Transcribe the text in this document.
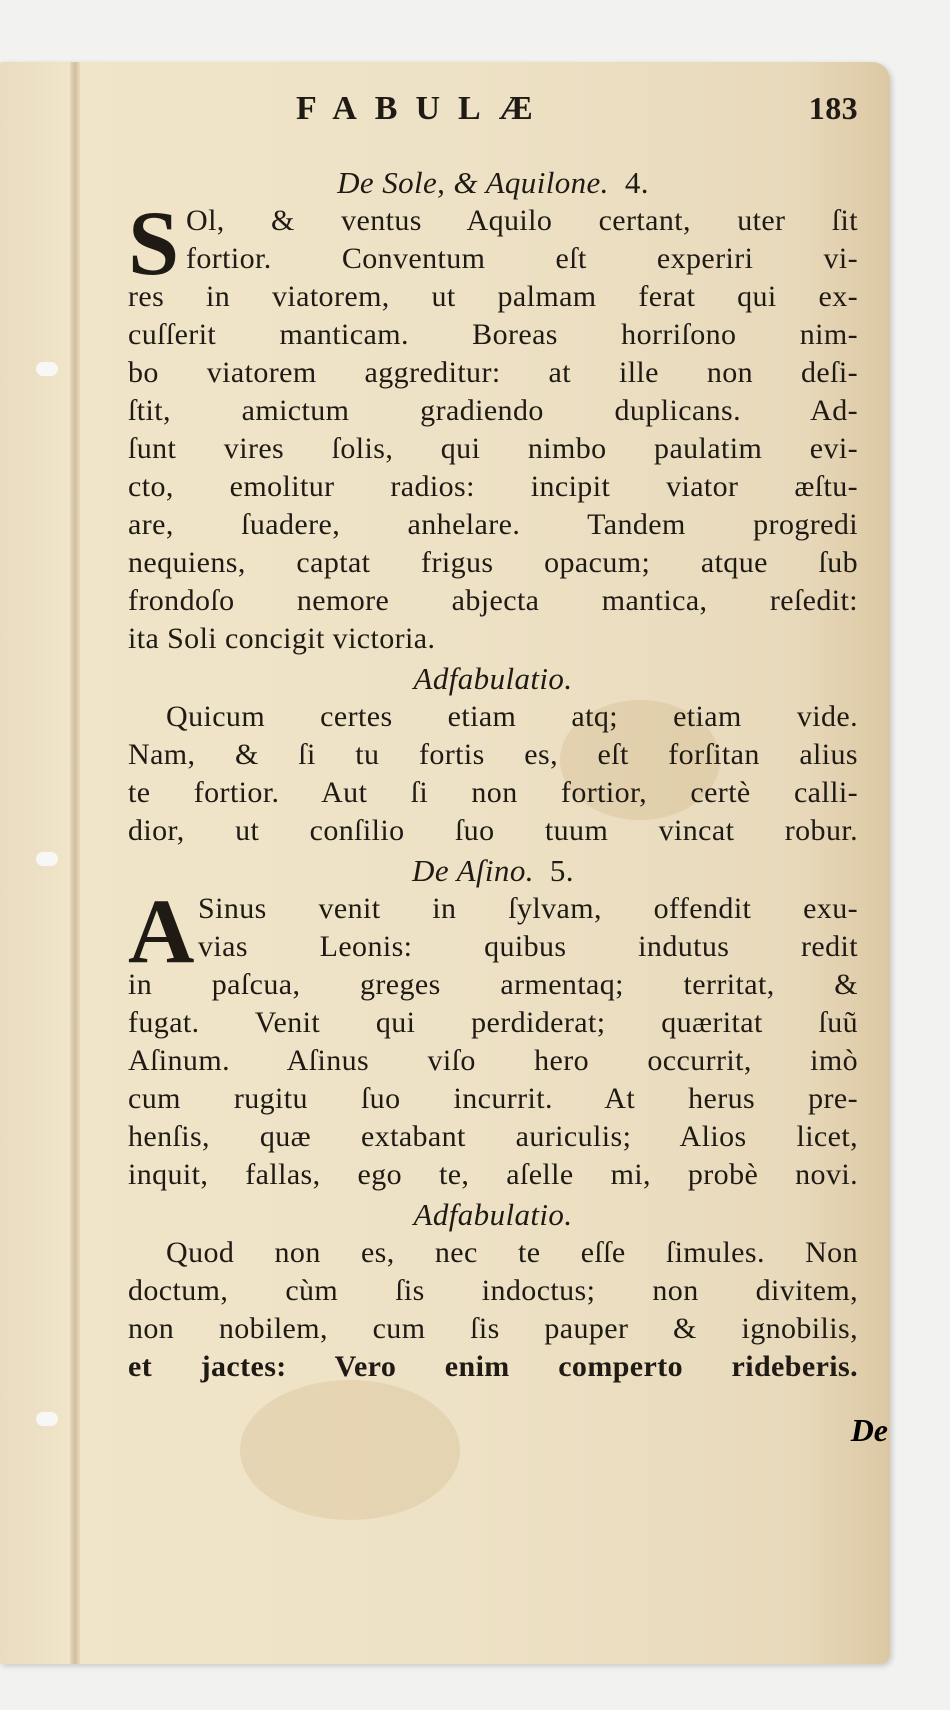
FABULÆ	183
De Sole, & Aquilone. 4.
S Ol, & ventus Aquilo certant, uter ſit
fortior. Conventum eſt experiri vi-
res in viatorem, ut palmam ferat qui ex-
cuſſerit manticam. Boreas horriſono nim-
bo viatorem aggreditur: at ille non deſi-
ſtit, amictum gradiendo duplicans. Ad-
ſunt vires ſolis, qui nimbo paulatim evi-
cto, emolitur radios: incipit viator æſtu-
are, ſuadere, anhelare. Tandem progredi
nequiens, captat frigus opacum; atque ſub
frondoſo nemore abjecta mantica, reſedit:
ita Soli concigit victoria.
Adfabulatio.
Quicum certes etiam atq; etiam vide.
Nam, & ſi tu fortis es, eſt forſitan alius
te fortior. Aut ſi non fortior, certè calli-
dior, ut conſilio ſuo tuum vincat robur.
De Aſino. 5.
A Sinus venit in ſylvam, offendit exu-
vias Leonis: quibus indutus redit
in paſcua, greges armentaq; territat, &
fugat. Venit qui perdiderat; quæritat ſuũ
Aſinum. Aſinus viſo hero occurrit, imò
cum rugitu ſuo incurrit. At herus pre-
henſis, quæ extabant auriculis; Alios licet,
inquit, fallas, ego te, aſelle mi, probè novi.
Adfabulatio.
Quod non es, nec te eſſe ſimules. Non
doctum, cùm ſis indoctus; non divitem,
non nobilem, cum ſis pauper & ignobilis,
et jactes: Vero enim comperto rideberis.
De
